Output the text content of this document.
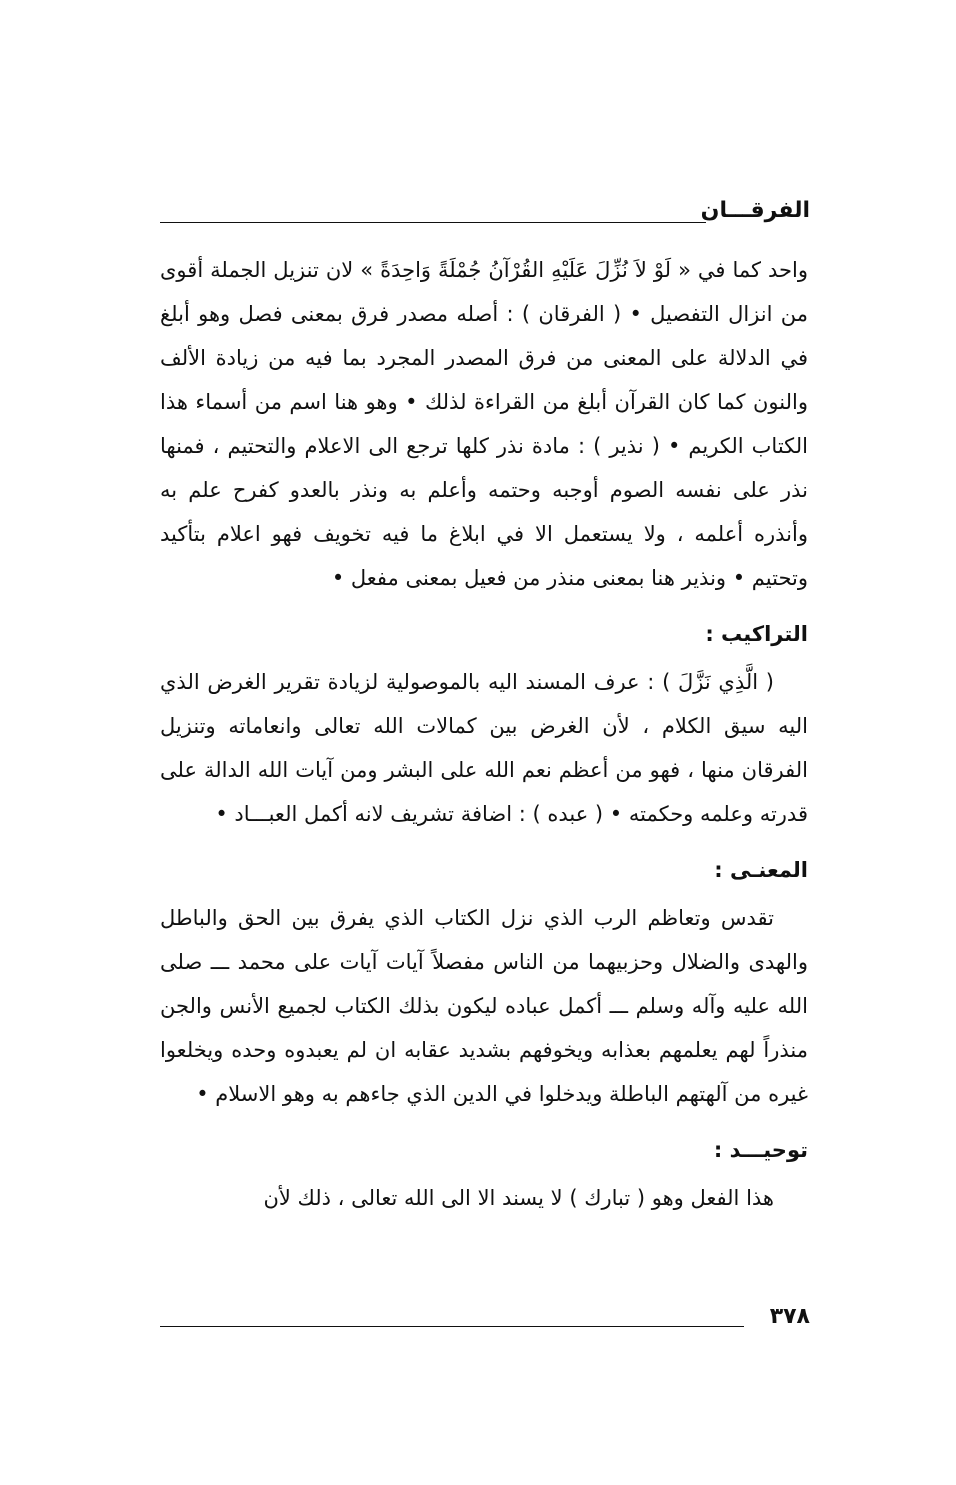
الفرقـــان

واحد كما في « لَوْ لاَ نُزِّلَ عَلَيْهِ القُرْآنُ جُمْلَةً وَاحِدَةً » لان تنزيل الجملة أقوى من انزال التفصيل • ( الفرقان ) : أصله مصدر فرق بمعنى فصل وهو أبلغ في الدلالة على المعنى من فرق المصدر المجرد بما فيه من زيادة الألف والنون كما كان القرآن أبلغ من القراءة لذلك • وهو هنا اسم من أسماء هذا الكتاب الكريم • ( نذير ) : مادة نذر كلها ترجع الى الاعلام والتحتيم ، فمنها نذر على نفسه الصوم أوجبه وحتمه وأعلم به ونذر بالعدو كفرح علم به وأنذره أعلمه ، ولا يستعمل الا في ابلاغ ما فيه تخويف فهو اعلام بتأكيد وتحتيم • ونذير هنا بمعنى منذر من فعيل بمعنى مفعل •

التراكيب :

( الَّذِي نَزَّلَ ) : عرف المسند اليه بالموصولية لزيادة تقرير الغرض الذي اليه سيق الكلام ، لأن الغرض بين كمالات الله تعالى وانعاماته وتنزيل الفرقان منها ، فهو من أعظم نعم الله على البشر ومن آيات الله الدالة على قدرته وعلمه وحكمته • ( عبده ) : اضافة تشريف لانه أكمل العبـــاد •

المعنـى :

تقدس وتعاظم الرب الذي نزل الكتاب الذي يفرق بين الحق والباطل والهدى والضلال وحزبيهما من الناس مفصلاً آيات آيات على محمد ـــ صلى الله عليه وآله وسلم ـــ أكمل عباده ليكون بذلك الكتاب لجميع الأنس والجن منذراً لهم يعلمهم بعذابه ويخوفهم بشديد عقابه ان لم يعبدوه وحده ويخلعوا غيره من آلهتهم الباطلة ويدخلوا في الدين الذي جاءهم به وهو الاسلام •

توحيـــد :

هذا الفعل وهو ( تبارك ) لا يسند الا الى الله تعالى ، ذلك لأن

٣٧٨
